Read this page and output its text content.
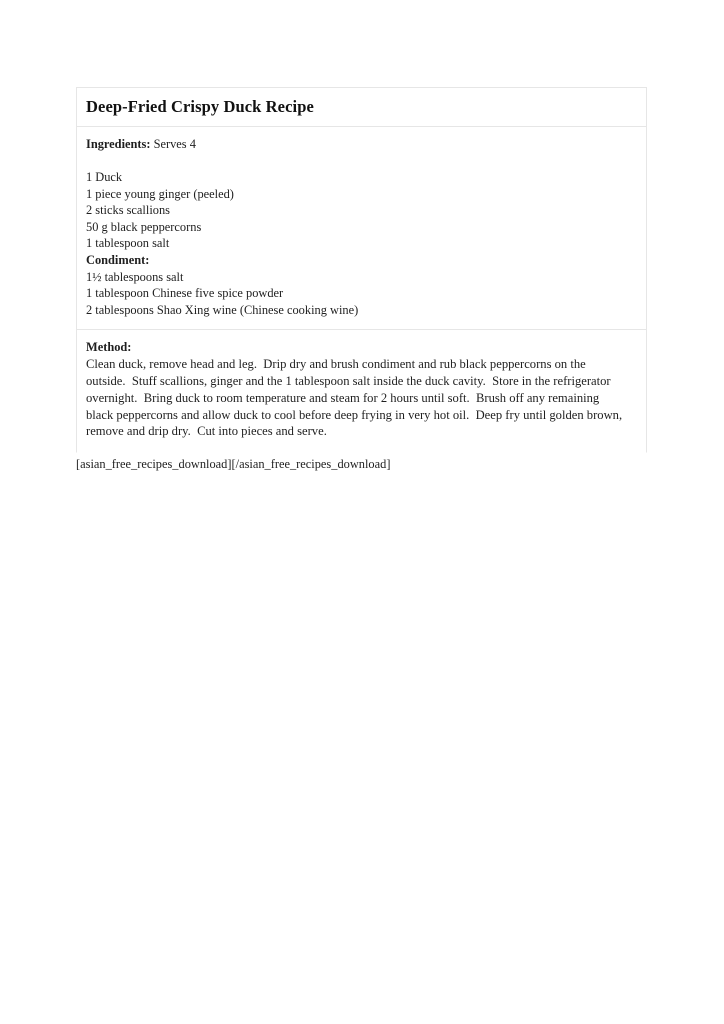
Deep-Fried Crispy Duck Recipe

Ingredients: Serves 4

1 Duck
1 piece young ginger (peeled)
2 sticks scallions
50 g black peppercorns
1 tablespoon salt
Condiment:
1½ tablespoons salt
1 tablespoon Chinese five spice powder
2 tablespoons Shao Xing wine (Chinese cooking wine)

Method:

Clean duck, remove head and leg.  Drip dry and brush condiment and rub black peppercorns on the outside.  Stuff scallions, ginger and the 1 tablespoon salt inside the duck cavity.  Store in the refrigerator overnight.  Bring duck to room temperature and steam for 2 hours until soft.  Brush off any remaining black peppercorns and allow duck to cool before deep frying in very hot oil.  Deep fry until golden brown, remove and drip dry.  Cut into pieces and serve.

[asian_free_recipes_download][/asian_free_recipes_download]
